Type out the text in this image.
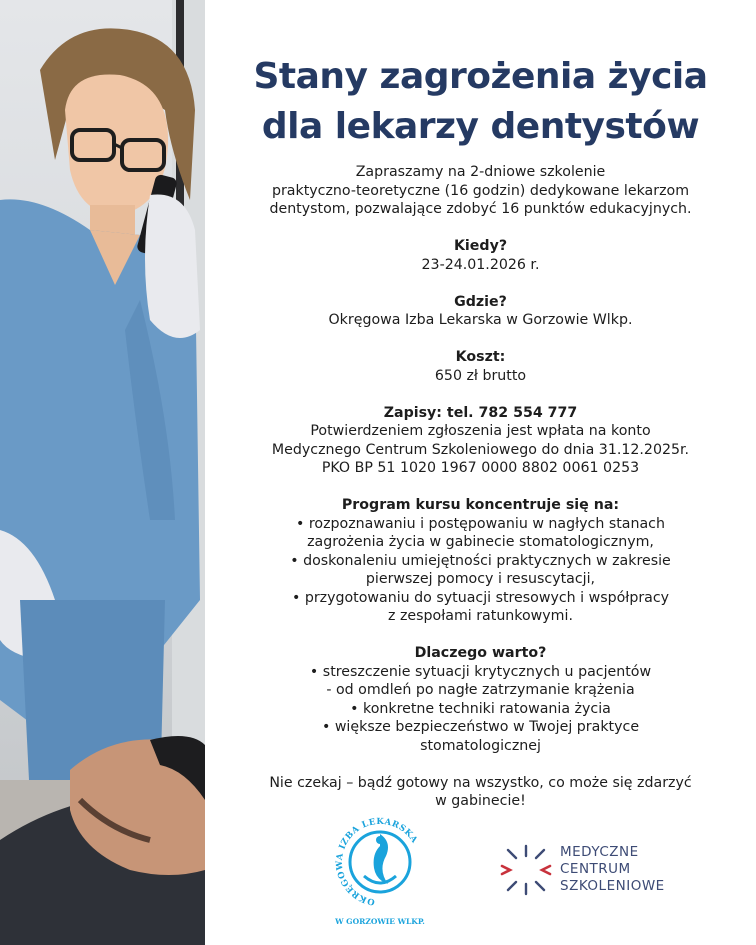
Stany zagrożenia życia
dla lekarzy dentystów

Zapraszamy na 2-dniowe szkolenie

praktyczno-teoretyczne (16 godzin) dedykowane lekarzom

dentystom, pozwalające zdobyć 16 punktów edukacyjnych.

Kiedy?

23-24.01.2026 r.

Gdzie?

Okręgowa Izba Lekarska w Gorzowie Wlkp.

Koszt:

650 zł brutto

Zapisy: tel. 782 554 777

Potwierdzeniem zgłoszenia jest wpłata na konto

Medycznego Centrum Szkoleniowego do dnia 31.12.2025r.

PKO BP 51 1020 1967 0000 8802 0061 0253

Program kursu koncentruje się na:

• rozpoznawaniu i postępowaniu w nagłych stanach

zagrożenia życia w gabinecie stomatologicznym,

• doskonaleniu umiejętności praktycznych w zakresie

pierwszej pomocy i resuscytacji,

• przygotowaniu do sytuacji stresowych i współpracy

z zespołami ratunkowymi.

Dlaczego warto?

• streszczenie sytuacji krytycznych u pacjentów

- od omdleń po nagłe zatrzymanie krążenia

• konkretne techniki ratowania życia

• większe bezpieczeństwo w Twojej praktyce

stomatologicznej

Nie czekaj – bądź gotowy na wszystko, co może się zdarzyć

w gabinecie!

OKRĘGOWA IZBA LEKARSKA
W GORZOWIE WLKP.
MEDYCZNE
CENTRUM
SZKOLENIOWE
